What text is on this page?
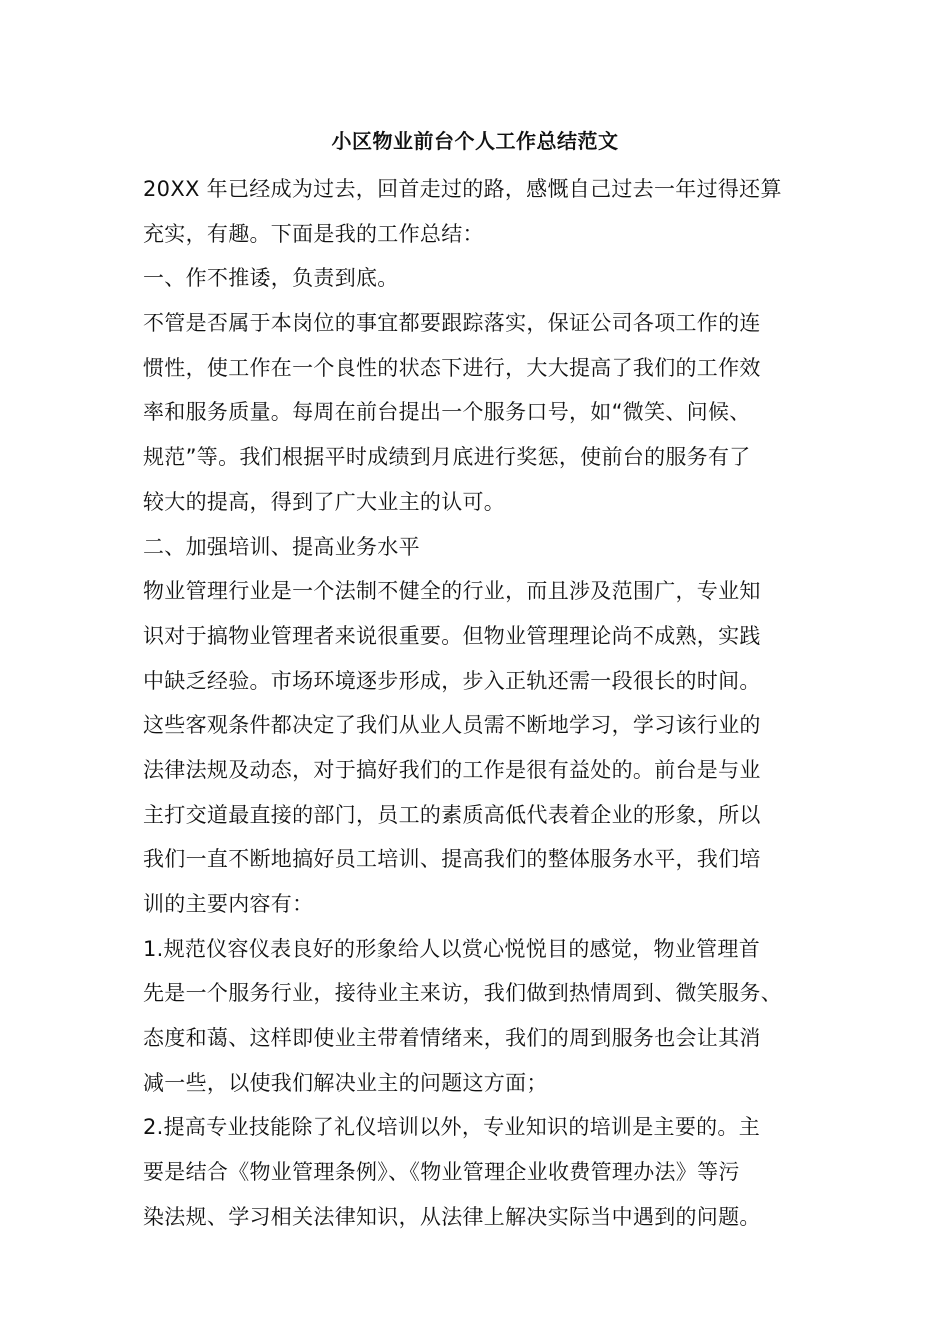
小区物业前台个人工作总结范文
20XX 年已经成为过去，回首走过的路，感慨自己过去一年过得还算
充实，有趣。下面是我的工作总结：
一、作不推诿，负责到底。
不管是否属于本岗位的事宜都要跟踪落实，保证公司各项工作的连
惯性，使工作在一个良性的状态下进行，大大提高了我们的工作效
率和服务质量。每周在前台提出一个服务口号，如“微笑、问候、
规范”等。我们根据平时成绩到月底进行奖惩，使前台的服务有了
较大的提高，得到了广大业主的认可。
二、加强培训、提高业务水平
物业管理行业是一个法制不健全的行业，而且涉及范围广，专业知
识对于搞物业管理者来说很重要。但物业管理理论尚不成熟，实践
中缺乏经验。市场环境逐步形成，步入正轨还需一段很长的时间。
这些客观条件都决定了我们从业人员需不断地学习，学习该行业的
法律法规及动态，对于搞好我们的工作是很有益处的。前台是与业
主打交道最直接的部门，员工的素质高低代表着企业的形象，所以
我们一直不断地搞好员工培训、提高我们的整体服务水平，我们培
训的主要内容有：
1.规范仪容仪表良好的形象给人以赏心悦悦目的感觉，物业管理首
先是一个服务行业，接待业主来访，我们做到热情周到、微笑服务、
态度和蔼、这样即使业主带着情绪来，我们的周到服务也会让其消
减一些，以使我们解决业主的问题这方面；
2.提高专业技能除了礼仪培训以外，专业知识的培训是主要的。主
要是结合《物业管理条例》、《物业管理企业收费管理办法》等污
染法规、学习相关法律知识，从法律上解决实际当中遇到的问题。
